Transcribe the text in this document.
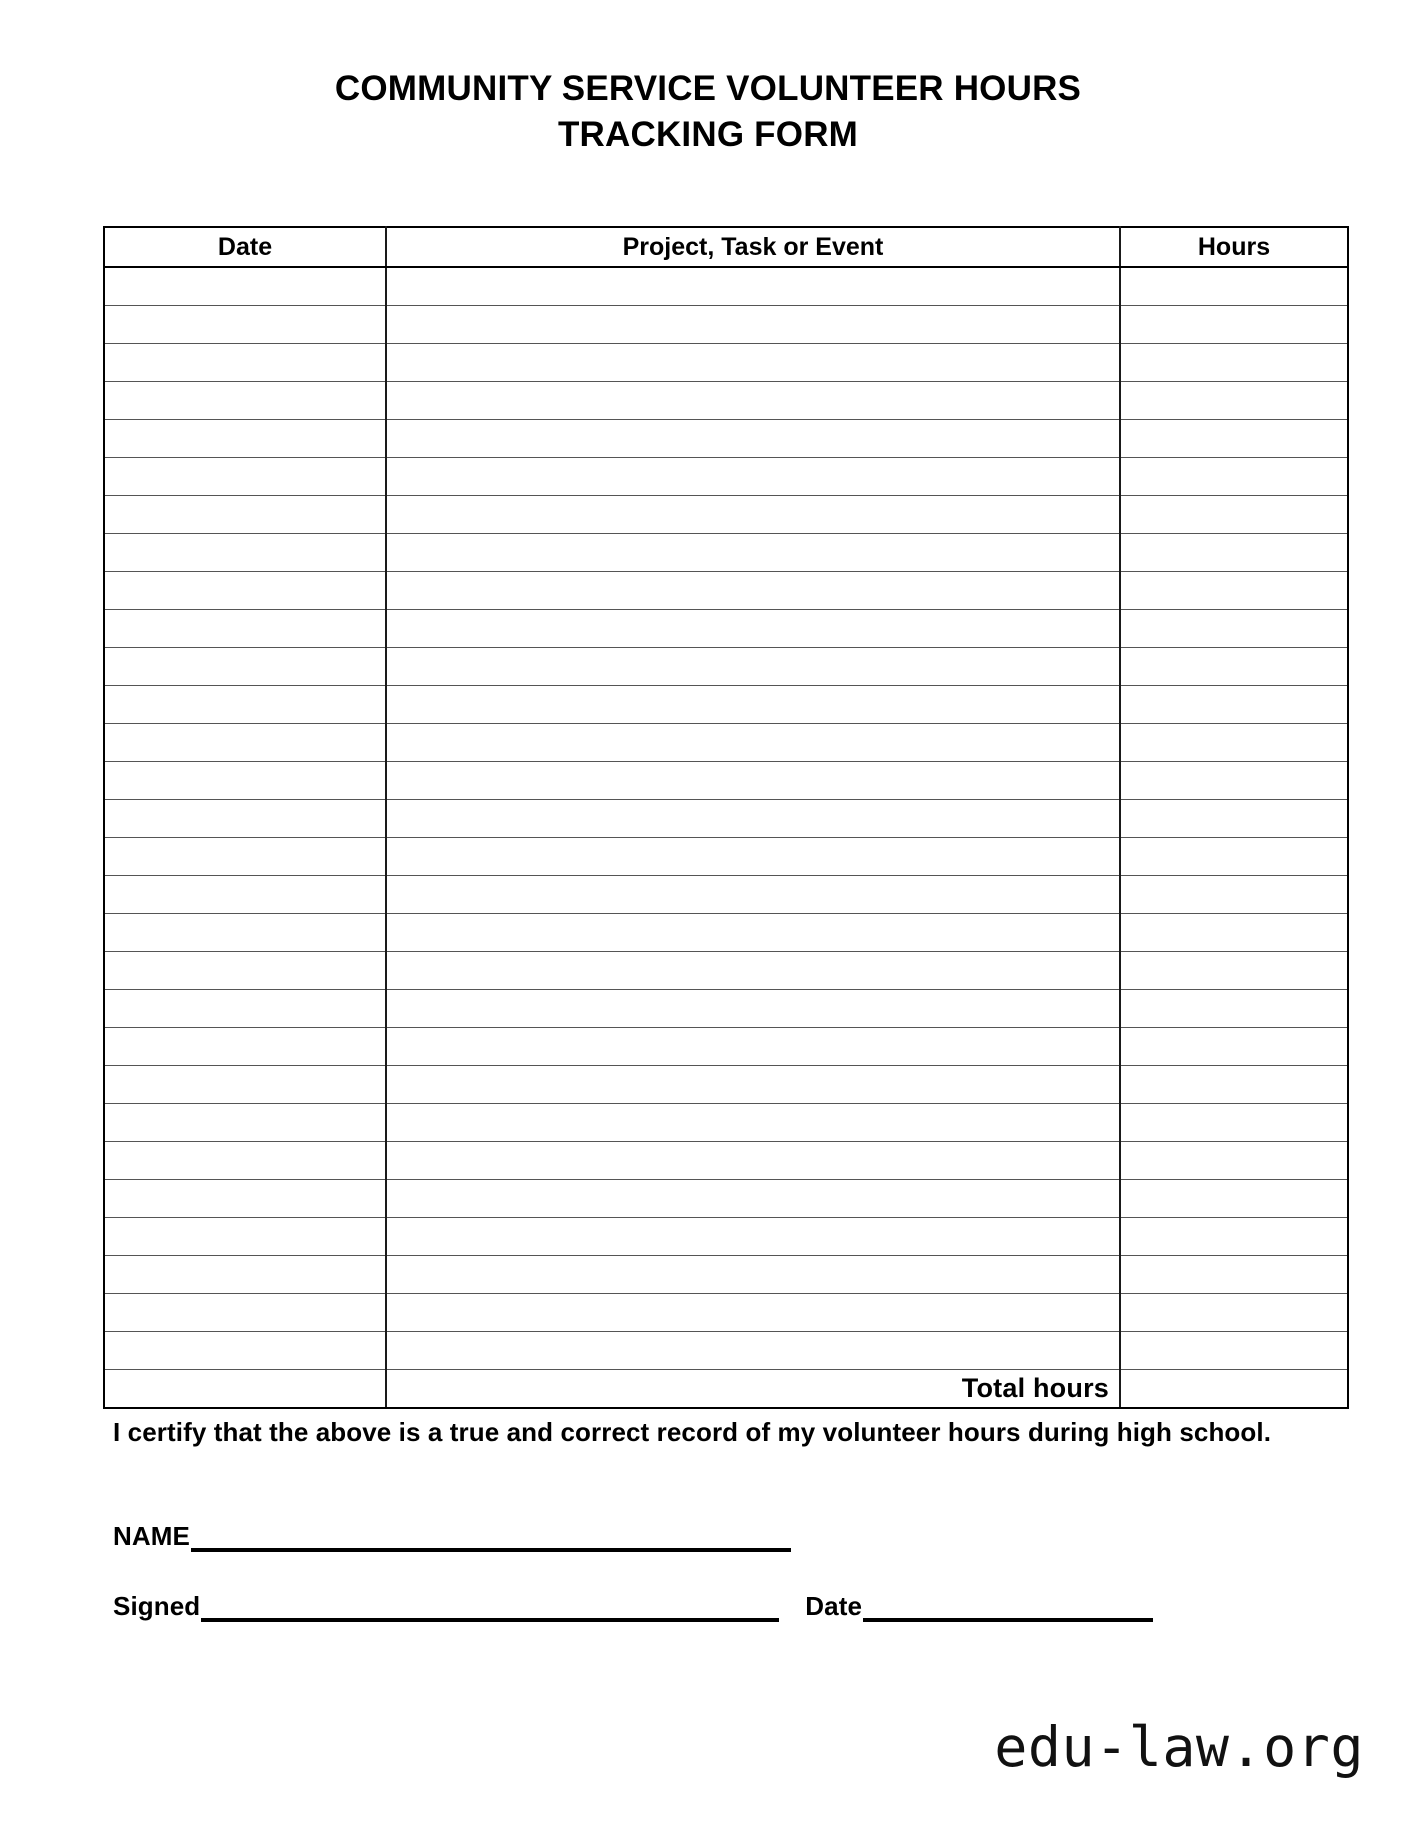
COMMUNITY SERVICE VOLUNTEER HOURS
TRACKING FORM
Date	Project, Task or Event	Hours

	Total hours	
I certify that the above is a true and correct record of my volunteer hours during high school.
NAME
Signed	Date
edu-law.org
